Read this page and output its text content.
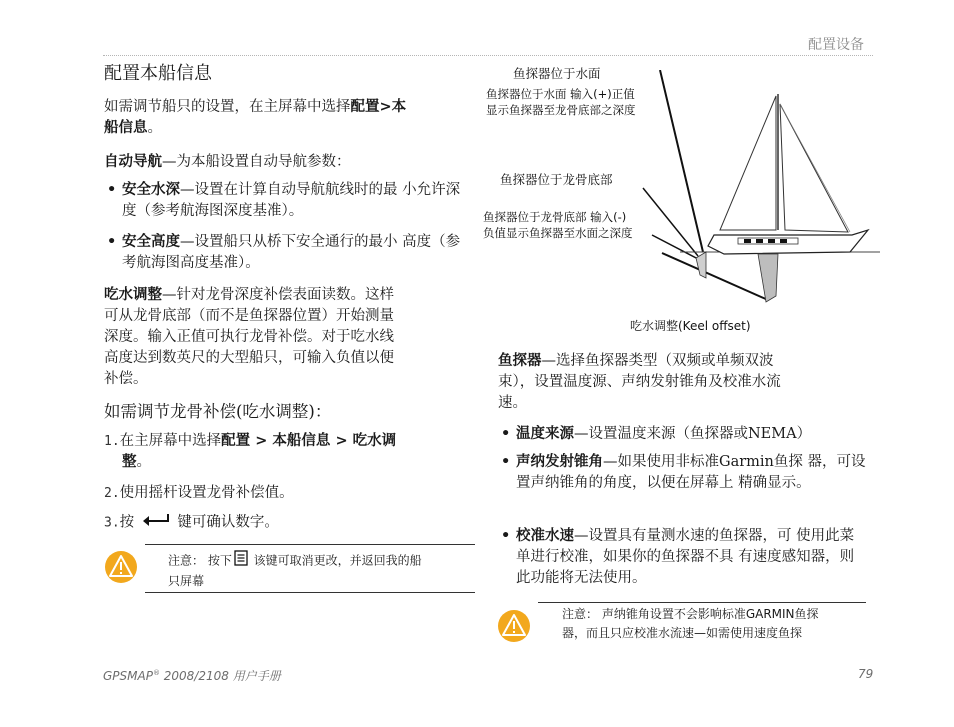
配置设备
配置本船信息
如需调节船只的设置，在主屏幕中选择配置>本
船信息。
自动导航—为本船设置自动导航参数：
• 安全水深—设置在计算自动导航航线时的最 小允许深度（参考航海图深度基准）。
• 安全高度—设置船只从桥下安全通行的最小 高度（参考航海图高度基准）。
吃水调整—针对龙骨深度补偿表面读数。这样
可从龙骨底部（而不是鱼探器位置）开始测量
深度。输入正值可执行龙骨补偿。对于吃水线
高度达到数英尺的大型船只，可输入负值以便
补偿。
如需调节龙骨补偿(吃水调整)：
1.在主屏幕中选择配置 > 本船信息 > 吃水调
整。
2.使用摇杆设置龙骨补偿值。
3.按	键可确认数字。
注意： 按下 该键可取消更改，并返回我的船
只屏幕
鱼探器位于水面
鱼探器位于水面 输入(+)正值
显示鱼探器至龙骨底部之深度
鱼探器位于龙骨底部
鱼探器位于龙骨底部 输入(-)
负值显示鱼探器至水面之深度
吃水调整(Keel offset)
鱼探器—选择鱼探器类型（双频或单频双波
束），设置温度源、声纳发射锥角及校准水流
速。
• 温度来源—设置温度来源（鱼探器或NEMA）
• 声纳发射锥角—如果使用非标准Garmin鱼探 器，可设置声纳锥角的角度，以便在屏幕上 精确显示。
• 校准水速—设置具有量测水速的鱼探器，可 使用此菜单进行校准，如果你的鱼探器不具 有速度感知器，则此功能将无法使用。
注意： 声纳锥角设置不会影响标准GARMIN鱼探
器，而且只应校准水流速—如需使用速度鱼探
GPSMAP® 2008/2108 用户手册	79
